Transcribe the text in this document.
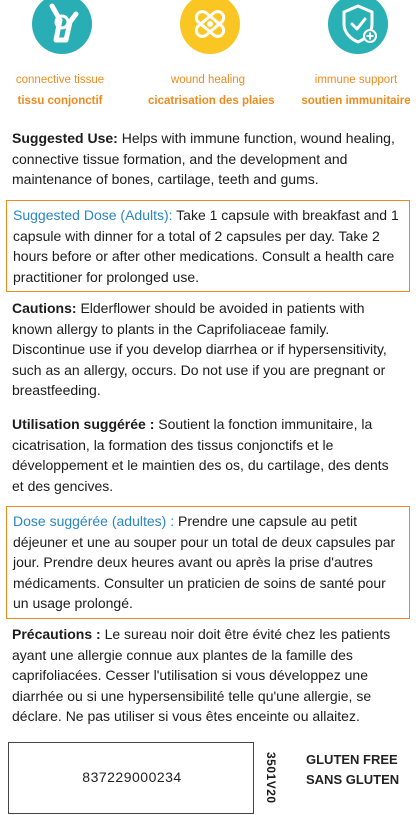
connective tissue
tissu conjonctif
wound healing
cicatrisation des plaies
immune support
soutien immunitaire
Suggested Use: Helps with immune function, wound healing, connective tissue formation, and the development and maintenance of bones, cartilage, teeth and gums.
Suggested Dose (Adults): Take 1 capsule with breakfast and 1 capsule with dinner for a total of 2 capsules per day. Take 2 hours before or after other medications. Consult a health care practitioner for prolonged use.
Cautions: Elderflower should be avoided in patients with known allergy to plants in the Caprifoliaceae family. Discontinue use if you develop diarrhea or if hypersensitivity, such as an allergy, occurs. Do not use if you are pregnant or breastfeeding.
Utilisation suggérée : Soutient la fonction immunitaire, la cicatrisation, la formation des tissus conjonctifs et le développement et le maintien des os, du cartilage, des dents et des gencives.
Dose suggérée (adultes) : Prendre une capsule au petit déjeuner et une au souper pour un total de deux capsules par jour. Prendre deux heures avant ou après la prise d'autres médicaments. Consulter un praticien de soins de santé pour un usage prolongé.
Précautions : Le sureau noir doit être évité chez les patients ayant une allergie connue aux plantes de la famille des caprifoliacées. Cesser l'utilisation si vous développez une diarrhée ou si une hypersensibilité telle qu'une allergie, se déclare. Ne pas utiliser si vous êtes enceinte ou allaitez.
837229000234	3501V20 GLUTEN FREE
SANS GLUTEN
